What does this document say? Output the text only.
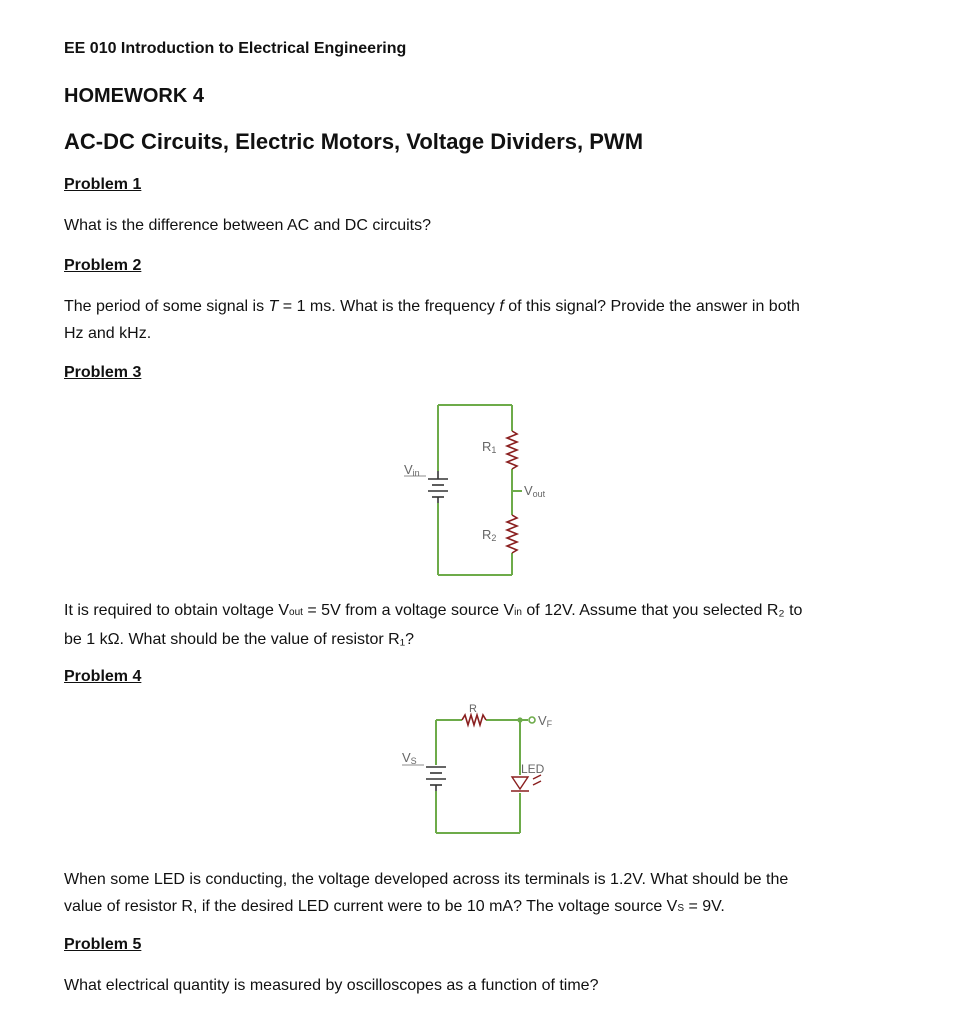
EE 010 Introduction to Electrical Engineering
HOMEWORK 4
AC-DC Circuits, Electric Motors, Voltage Dividers, PWM
Problem 1
What is the difference between AC and DC circuits?
Problem 2
The period of some signal is T = 1 ms. What is the frequency f of this signal? Provide the answer in both
Hz and kHz.
Problem 3
Vin
R1
R2
Vout
It is required to obtain voltage Vout = 5V from a voltage source Vin of 12V. Assume that you selected R₂ to
be 1 kΩ. What should be the value of resistor R₁?
Problem 4
R
VF
VS
LED
When some LED is conducting, the voltage developed across its terminals is 1.2V. What should be the
value of resistor R, if the desired LED current were to be 10 mA? The voltage source VS = 9V.
Problem 5
What electrical quantity is measured by oscilloscopes as a function of time?
